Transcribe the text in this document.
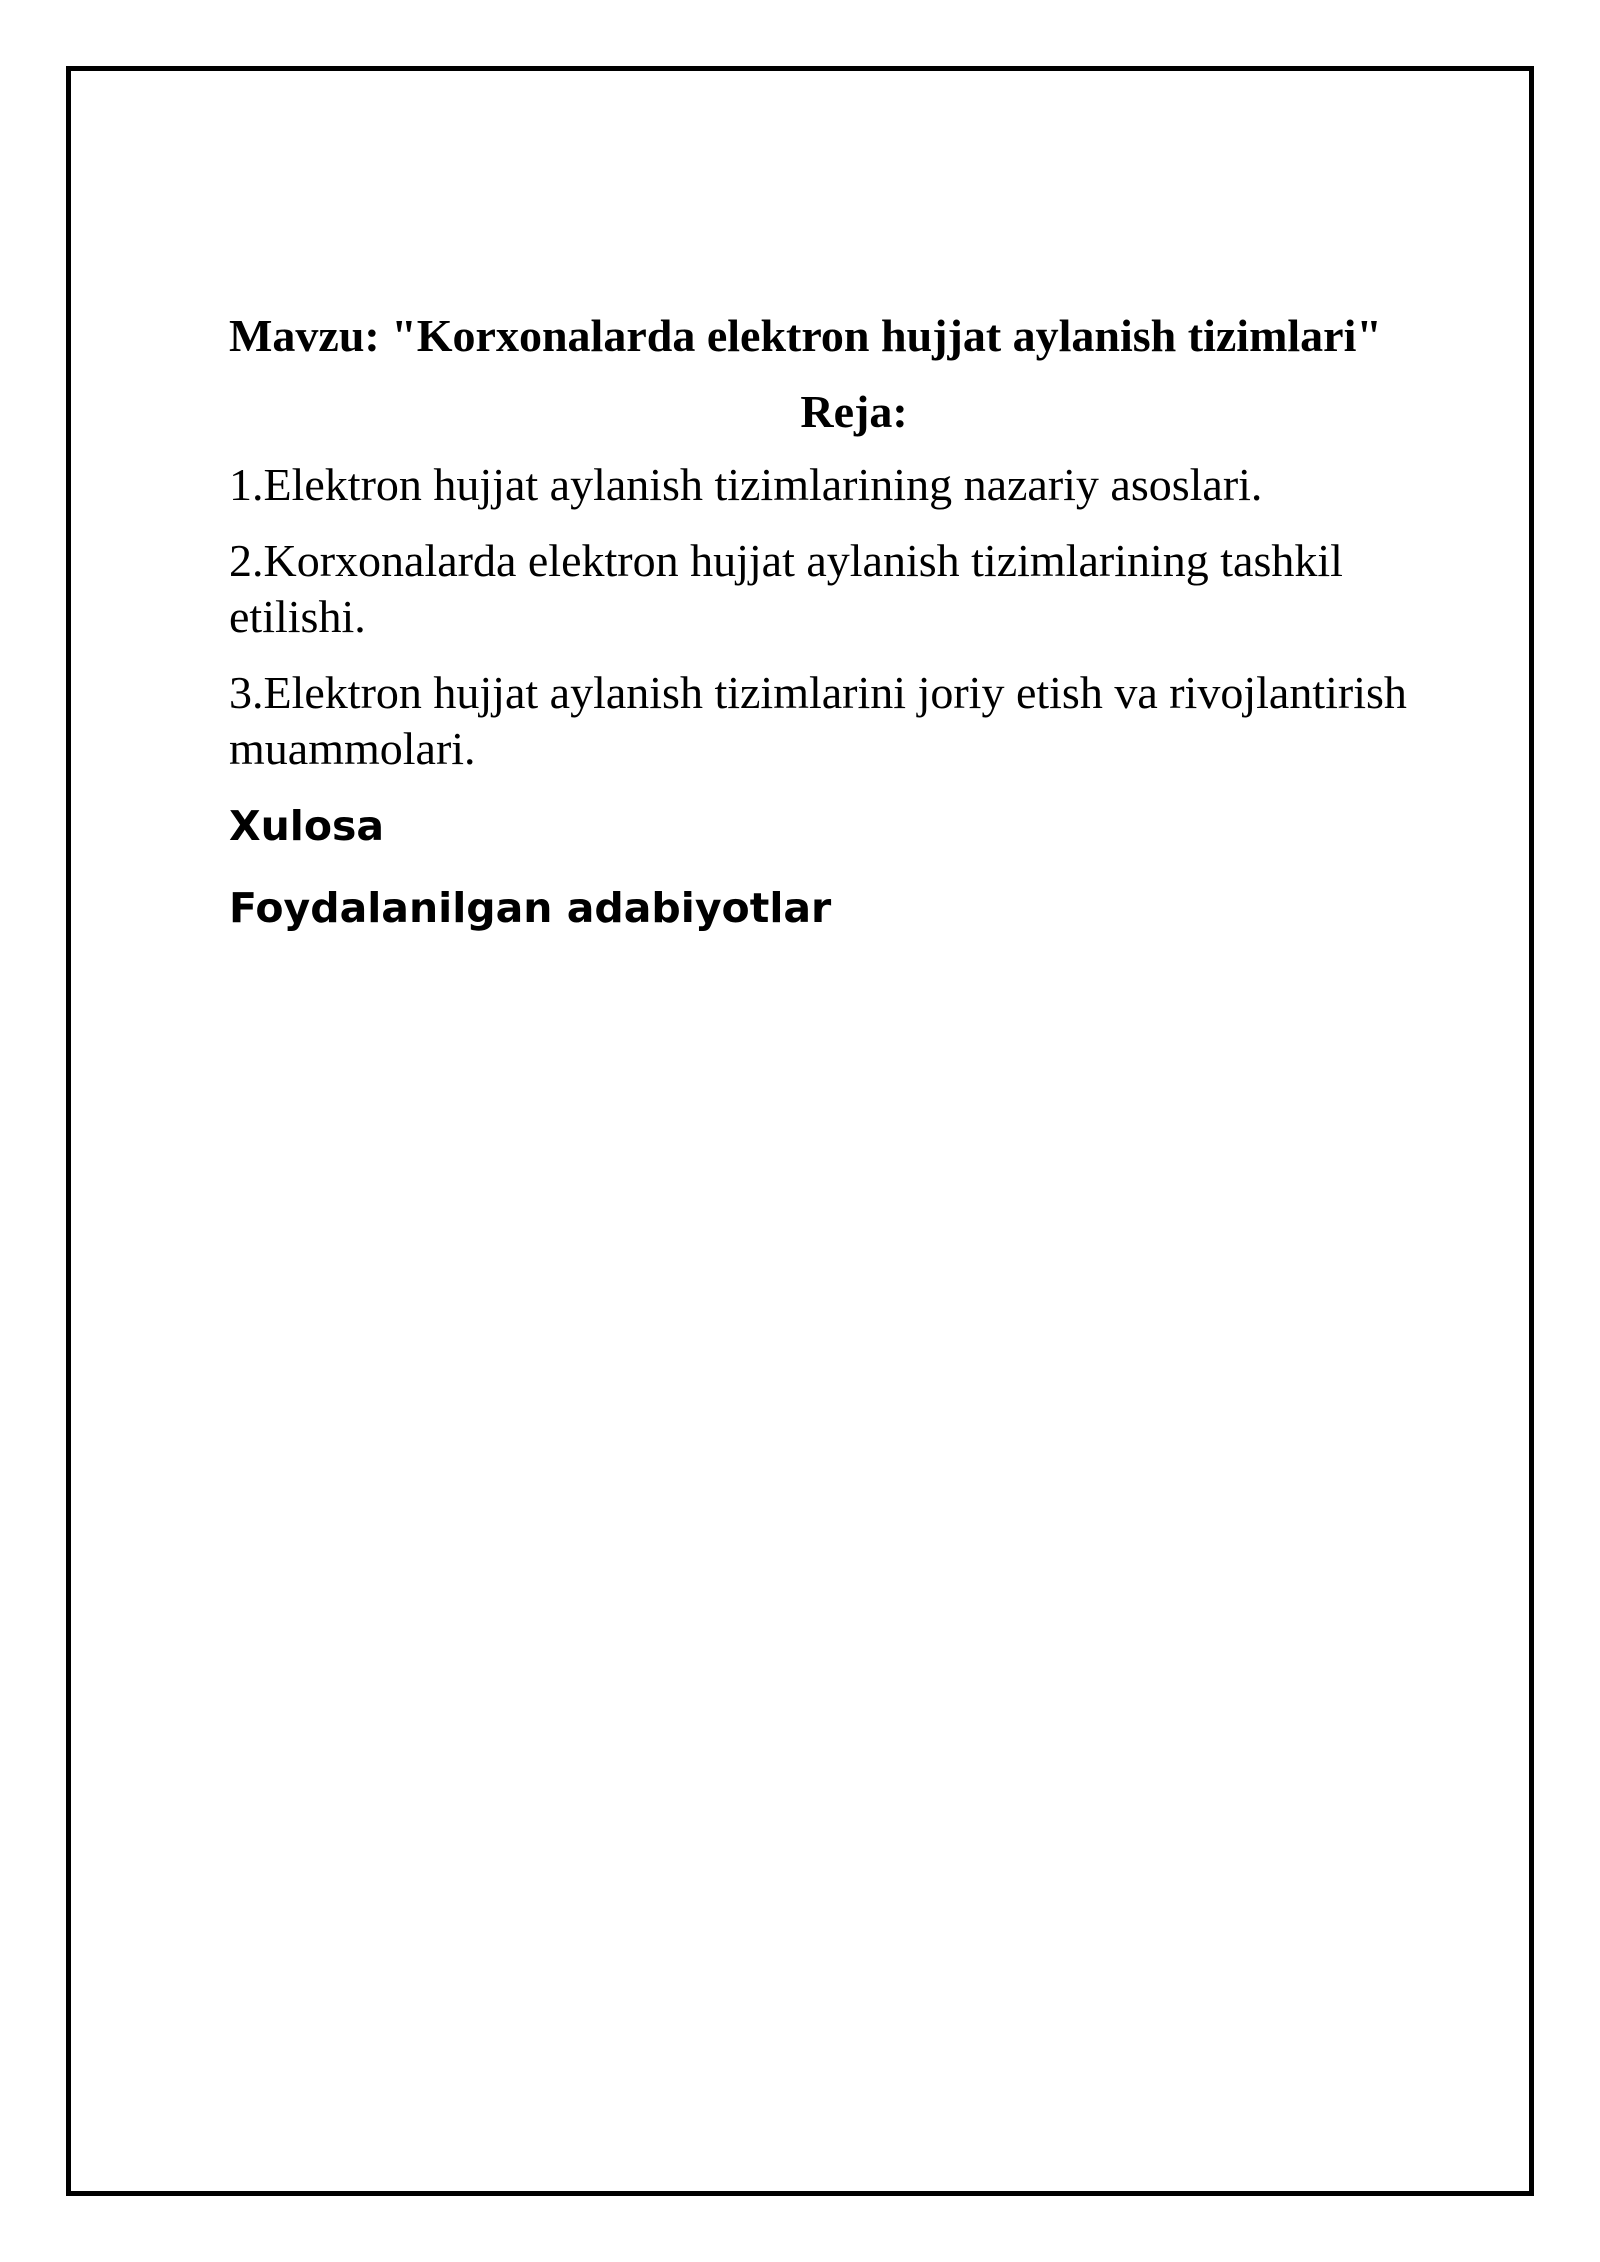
Mavzu: "Korxonalarda elektron hujjat aylanish tizimlari"
Reja:
1.Elektron hujjat aylanish tizimlarining nazariy asoslari.
2.Korxonalarda elektron hujjat aylanish tizimlarining tashkil etilishi.
3.Elektron hujjat aylanish tizimlarini joriy etish va rivojlantirish muammolari.
Xulosa
Foydalanilgan adabiyotlar
